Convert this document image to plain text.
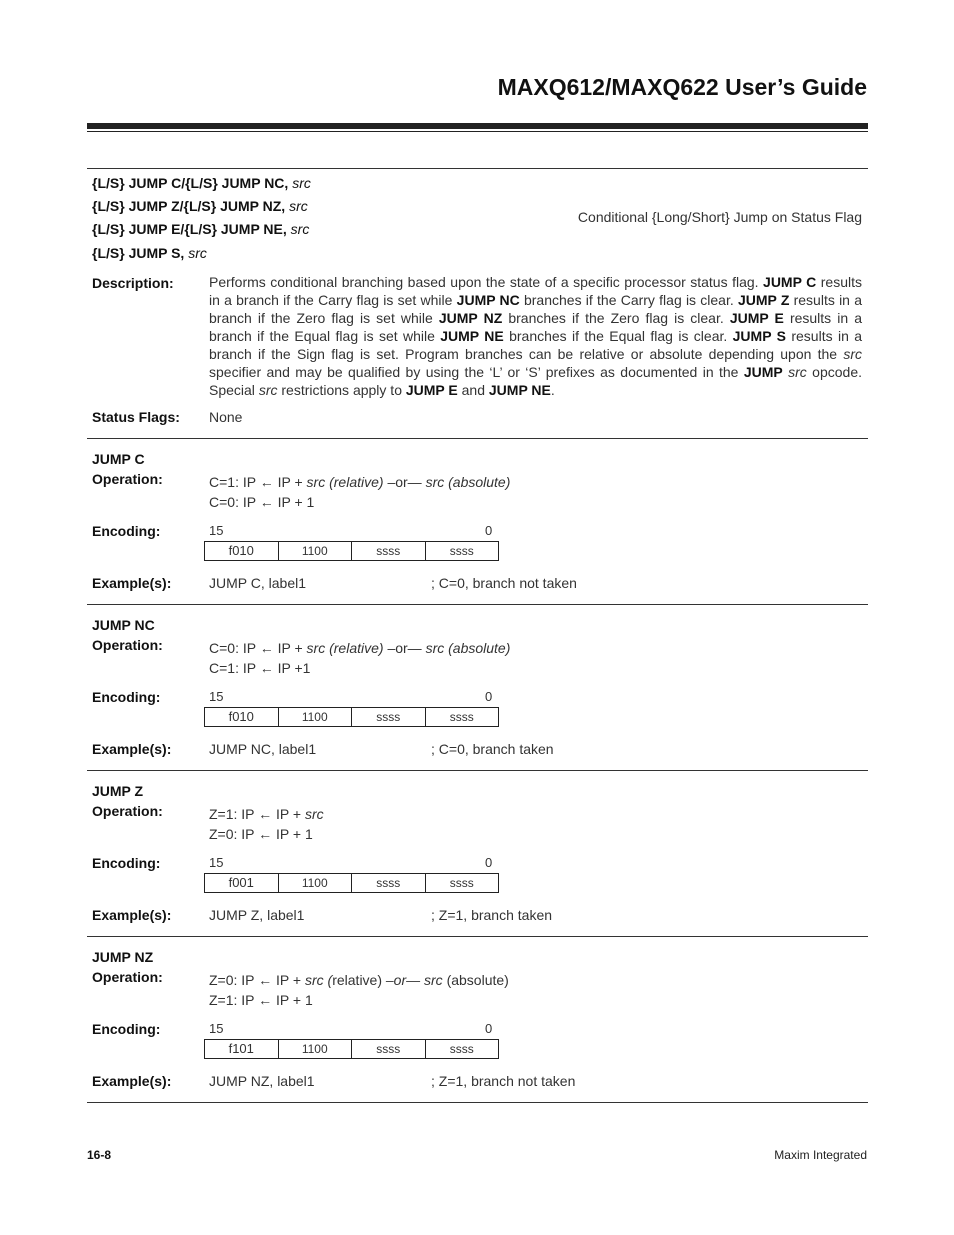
MAXQ612/MAXQ622 User’s Guide
{L/S} JUMP C/{L/S} JUMP NC, src
{L/S} JUMP Z/{L/S} JUMP NZ, src
{L/S} JUMP E/{L/S} JUMP NE, src
{L/S} JUMP S, src
Conditional {Long/Short} Jump on Status Flag
Description:	Performs conditional branching based upon the state of a specific processor status flag. JUMP C results in a branch if the Carry flag is set while JUMP NC branches if the Carry flag is clear. JUMP Z results in a branch if the Zero flag is set while JUMP NZ branches if the Zero flag is clear. JUMP E results in a branch if the Equal flag is set while JUMP NE branches if the Equal flag is clear. JUMP S results in a branch if the Sign flag is set. Program branches can be relative or absolute depending upon the src specifier and may be qualified by using the ‘L’ or ‘S’ prefixes as documented in the JUMP src opcode. Special src restrictions apply to JUMP E and JUMP NE.
Status Flags: None
JUMP C
Operation:	C=1: IP ← IP + src (relative) –or— src (absolute)
C=0: IP ← IP + 1
Encoding:	15	0
f010	1100	ssss	ssss
Example(s):	JUMP C, label1	; C=0, branch not taken
JUMP NC
Operation:	C=0: IP ← IP + src (relative) –or— src (absolute)
C=1: IP ← IP +1
Encoding:	15	0
f010	1100	ssss	ssss
Example(s):	JUMP NC, label1	; C=0, branch taken
JUMP Z
Operation:	Z=1: IP ← IP + src
Z=0: IP ← IP + 1
Encoding:	15	0
f001	1100	ssss	ssss
Example(s):	JUMP Z, label1	; Z=1, branch taken
JUMP NZ
Operation:	Z=0: IP ← IP + src (relative) –or— src (absolute)
Z=1: IP ← IP + 1
Encoding:	15	0
f101	1100	ssss	ssss
Example(s):	JUMP NZ, label1	; Z=1, branch not taken
16-8	Maxim Integrated
